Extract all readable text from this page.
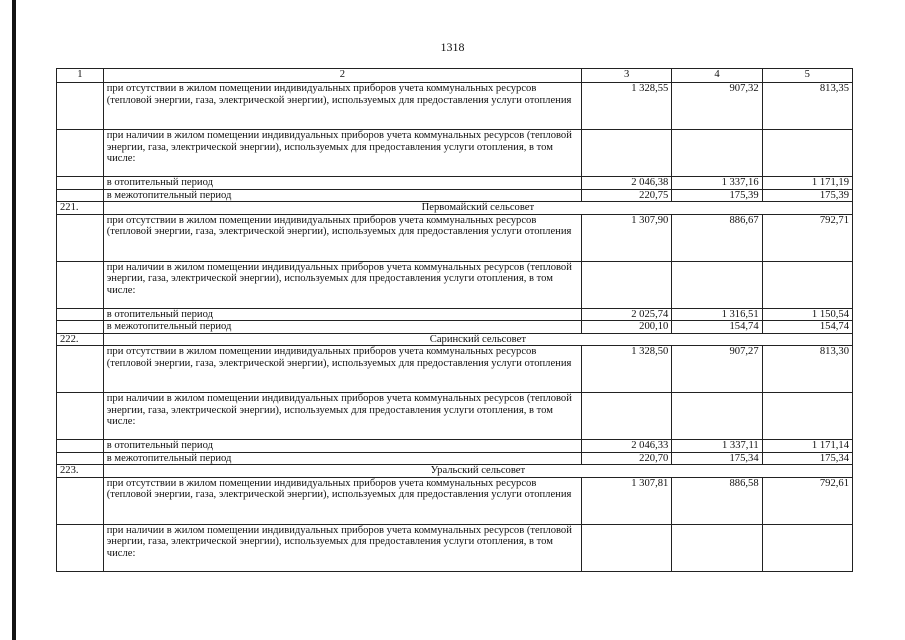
1318
1	2	3	4	5
	при отсутствии в жилом помещении индивидуальных приборов учета коммунальных ресурсов (тепловой энергии, газа, электрической энергии), используемых для предоставления услуги отопления	1 328,55	907,32	813,35
	при наличии в жилом помещении индивидуальных приборов учета коммунальных ресурсов (тепловой энергии, газа, электрической энергии), используемых для предоставления услуги отопления, в том числе:			
	в отопительный период	2 046,38	1 337,16	1 171,19
	в межотопительный период	220,75	175,39	175,39
221.	Первомайский сельсовет			
	при отсутствии в жилом помещении индивидуальных приборов учета коммунальных ресурсов (тепловой энергии, газа, электрической энергии), используемых для предоставления услуги отопления	1 307,90	886,67	792,71
	при наличии в жилом помещении индивидуальных приборов учета коммунальных ресурсов (тепловой энергии, газа, электрической энергии), используемых для предоставления услуги отопления, в том числе:			
	в отопительный период	2 025,74	1 316,51	1 150,54
	в межотопительный период	200,10	154,74	154,74
222.	Саринский сельсовет			
	при отсутствии в жилом помещении индивидуальных приборов учета коммунальных ресурсов (тепловой энергии, газа, электрической энергии), используемых для предоставления услуги отопления	1 328,50	907,27	813,30
	при наличии в жилом помещении индивидуальных приборов учета коммунальных ресурсов (тепловой энергии, газа, электрической энергии), используемых для предоставления услуги отопления, в том числе:			
	в отопительный период	2 046,33	1 337,11	1 171,14
	в межотопительный период	220,70	175,34	175,34
223.	Уральский сельсовет			
	при отсутствии в жилом помещении индивидуальных приборов учета коммунальных ресурсов (тепловой энергии, газа, электрической энергии), используемых для предоставления услуги отопления	1 307,81	886,58	792,61
	при наличии в жилом помещении индивидуальных приборов учета коммунальных ресурсов (тепловой энергии, газа, электрической энергии), используемых для предоставления услуги отопления, в том числе:			
